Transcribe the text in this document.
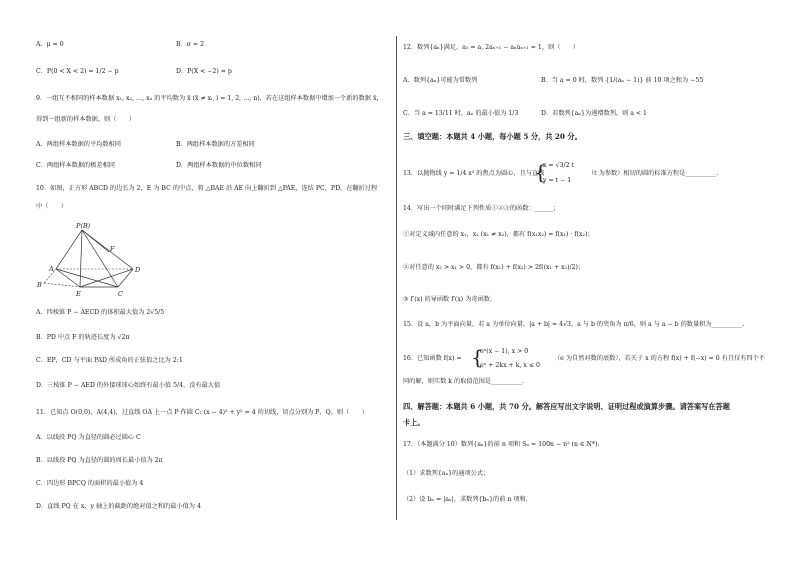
A．μ = 0	B．σ = 2
C．P(0 < X < 2) = 1/2 − p	D．P(X < −2) = p
9．一组互不相同的样本数据 x₁, x₂, …, xₙ 的平均数为 x̄ (x̄ ≠ xᵢ, i = 1, 2, …, n)，若在这组样本数据中增加一个新的数据 x̄，
得到一组新的样本数据，则（　　）
A．两组样本数据的平均数相同	B．两组样本数据的方差相同
C．两组样本数据的极差相同	D．两组样本数据的中位数相同
10．如图，正方形 ABCD 的边长为 2，E 为 BC 的中点，将 △BAE 沿 AE 向上翻折到 △PAE，连结 PC，PD，在翻折过程
中（　　）
P(B)
F
A	D
B
E	C
A．四棱锥 P − AECD 的体积最大值为 2√5/5
B．PD 中点 F 的轨迹长度为 √2π
C．EP，CD 与平面 PAD 所成角的正弦值之比为 2:1
D．三棱锥 P − AED 的外接球球心始终有最小值 5/4，没有最大值
11．已知点 O(0,0)，A(4,4)，过直线 OA 上一点 P 作圆 C: (x − 4)² + y² = 4 的切线，切点分别为 P，Q，则（　　）
A．以线段 PQ 为直径的圆必过圆心 C
B．以线段 PQ 为直径的圆的周长最小值为 2π
C．四边形 BPCQ 的面积的最小值为 4
D．直线 PQ 在 x、y 轴上的截距的绝对值之和的最小值为 4
12．数列{aₙ}满足，a₁ = a, 2aₙ₊₁ − aₙaₙ₊₁ = 1，则（　　）
A．数列{aₙ}可能为常数列	B．当 a = 0 时，数列 {1/(aₙ − 1)} 前 10 项之和为 −55
C．当 a = 13/11 时，aₙ 的最小值为 1/3	D．若数列{aₙ}为递增数列，则 a < 1
三、填空题：本题共 4 小题，每小题 5 分，共 20 分。
13．以抛物线 y = 1/4 x² 的焦点为圆心，且与直线
{
x = √3/2 t
y = t − 1
（t 为参数）相切的圆的标准方程是__________.
14．写出一个同时满足下列性质①②③的函数：______；
①对定义域内任意的 x₁，x₂ (x₁ ≠ x₂)，都有 f(x₁x₂) = f(x₁) · f(x₂)；
②对任意的 x₂ > x₁ > 0，都有 f(x₁) + f(x₂) > 2f((x₁ + x₂)/2)；
③ f′(x) 的导函数 f′(x) 为奇函数.
15．设 a，b 为平面向量，若 a 为单位向量，|a + b| = 4√3，a 与 b 的夹角为 π/6，则 a 与 a − b 的数量积为__________.
16．已知函数 f(x) = {
eˣ(x − 1), x > 0
eˣ + 2kx + k, x ≤ 0
（e 为自然对数的底数），若关于 x 的方程 f(x) + f(−x) = 0 有且仅有四个不
同的解，则实数 k 的取值范围是__________.
四、解答题：本题共 6 小题，共 70 分。解答应写出文字说明、证明过程或演算步骤。请答案写在答题
卡上。
17．（本题满分 10）数列{aₙ}的前 n 项和 Sₙ = 100n − n² (n ∈ N*).
（1）求数列{aₙ}的通项公式；
（2）设 bₙ = |aₙ|，求数列{bₙ}的前 n 项和.
